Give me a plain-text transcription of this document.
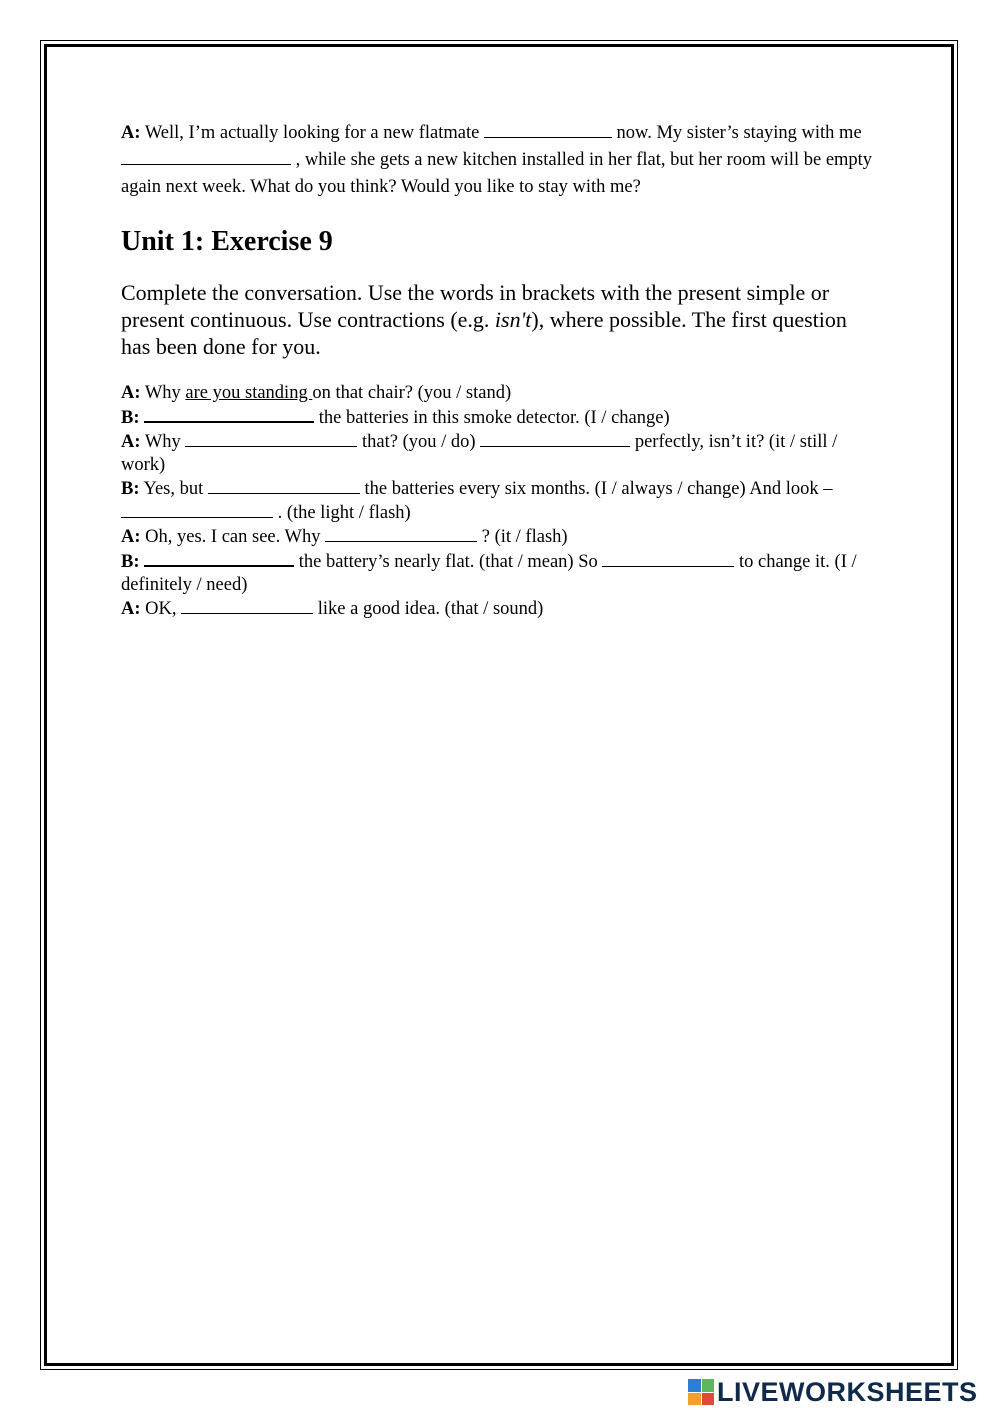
A: Well, I’m actually looking for a new flatmate	now. My sister’s staying with me  , while she gets a new kitchen installed in her flat, but her room will be empty again next week. What do you think? Would you like to stay with me?

Unit 1: Exercise 9

Complete the conversation. Use the words in brackets with the present simple or present continuous. Use contractions (e.g. isn't), where possible. The first question has been done for you.

A: Why are you standing on that chair? (you / stand)

B:	the batteries in this smoke detector. (I / change)

A: Why	that? (you / do)	perfectly, isn’t it? (it / still / work)

B: Yes, but	the batteries every six months. (I / always / change) And look –  . (the light / flash)

A: Oh, yes. I can see. Why	? (it / flash)

B:	the battery’s nearly flat. (that / mean) So	to change it. (I / definitely / need)

A: OK,	like a good idea. (that / sound)

LIVEWORKSHEETS
